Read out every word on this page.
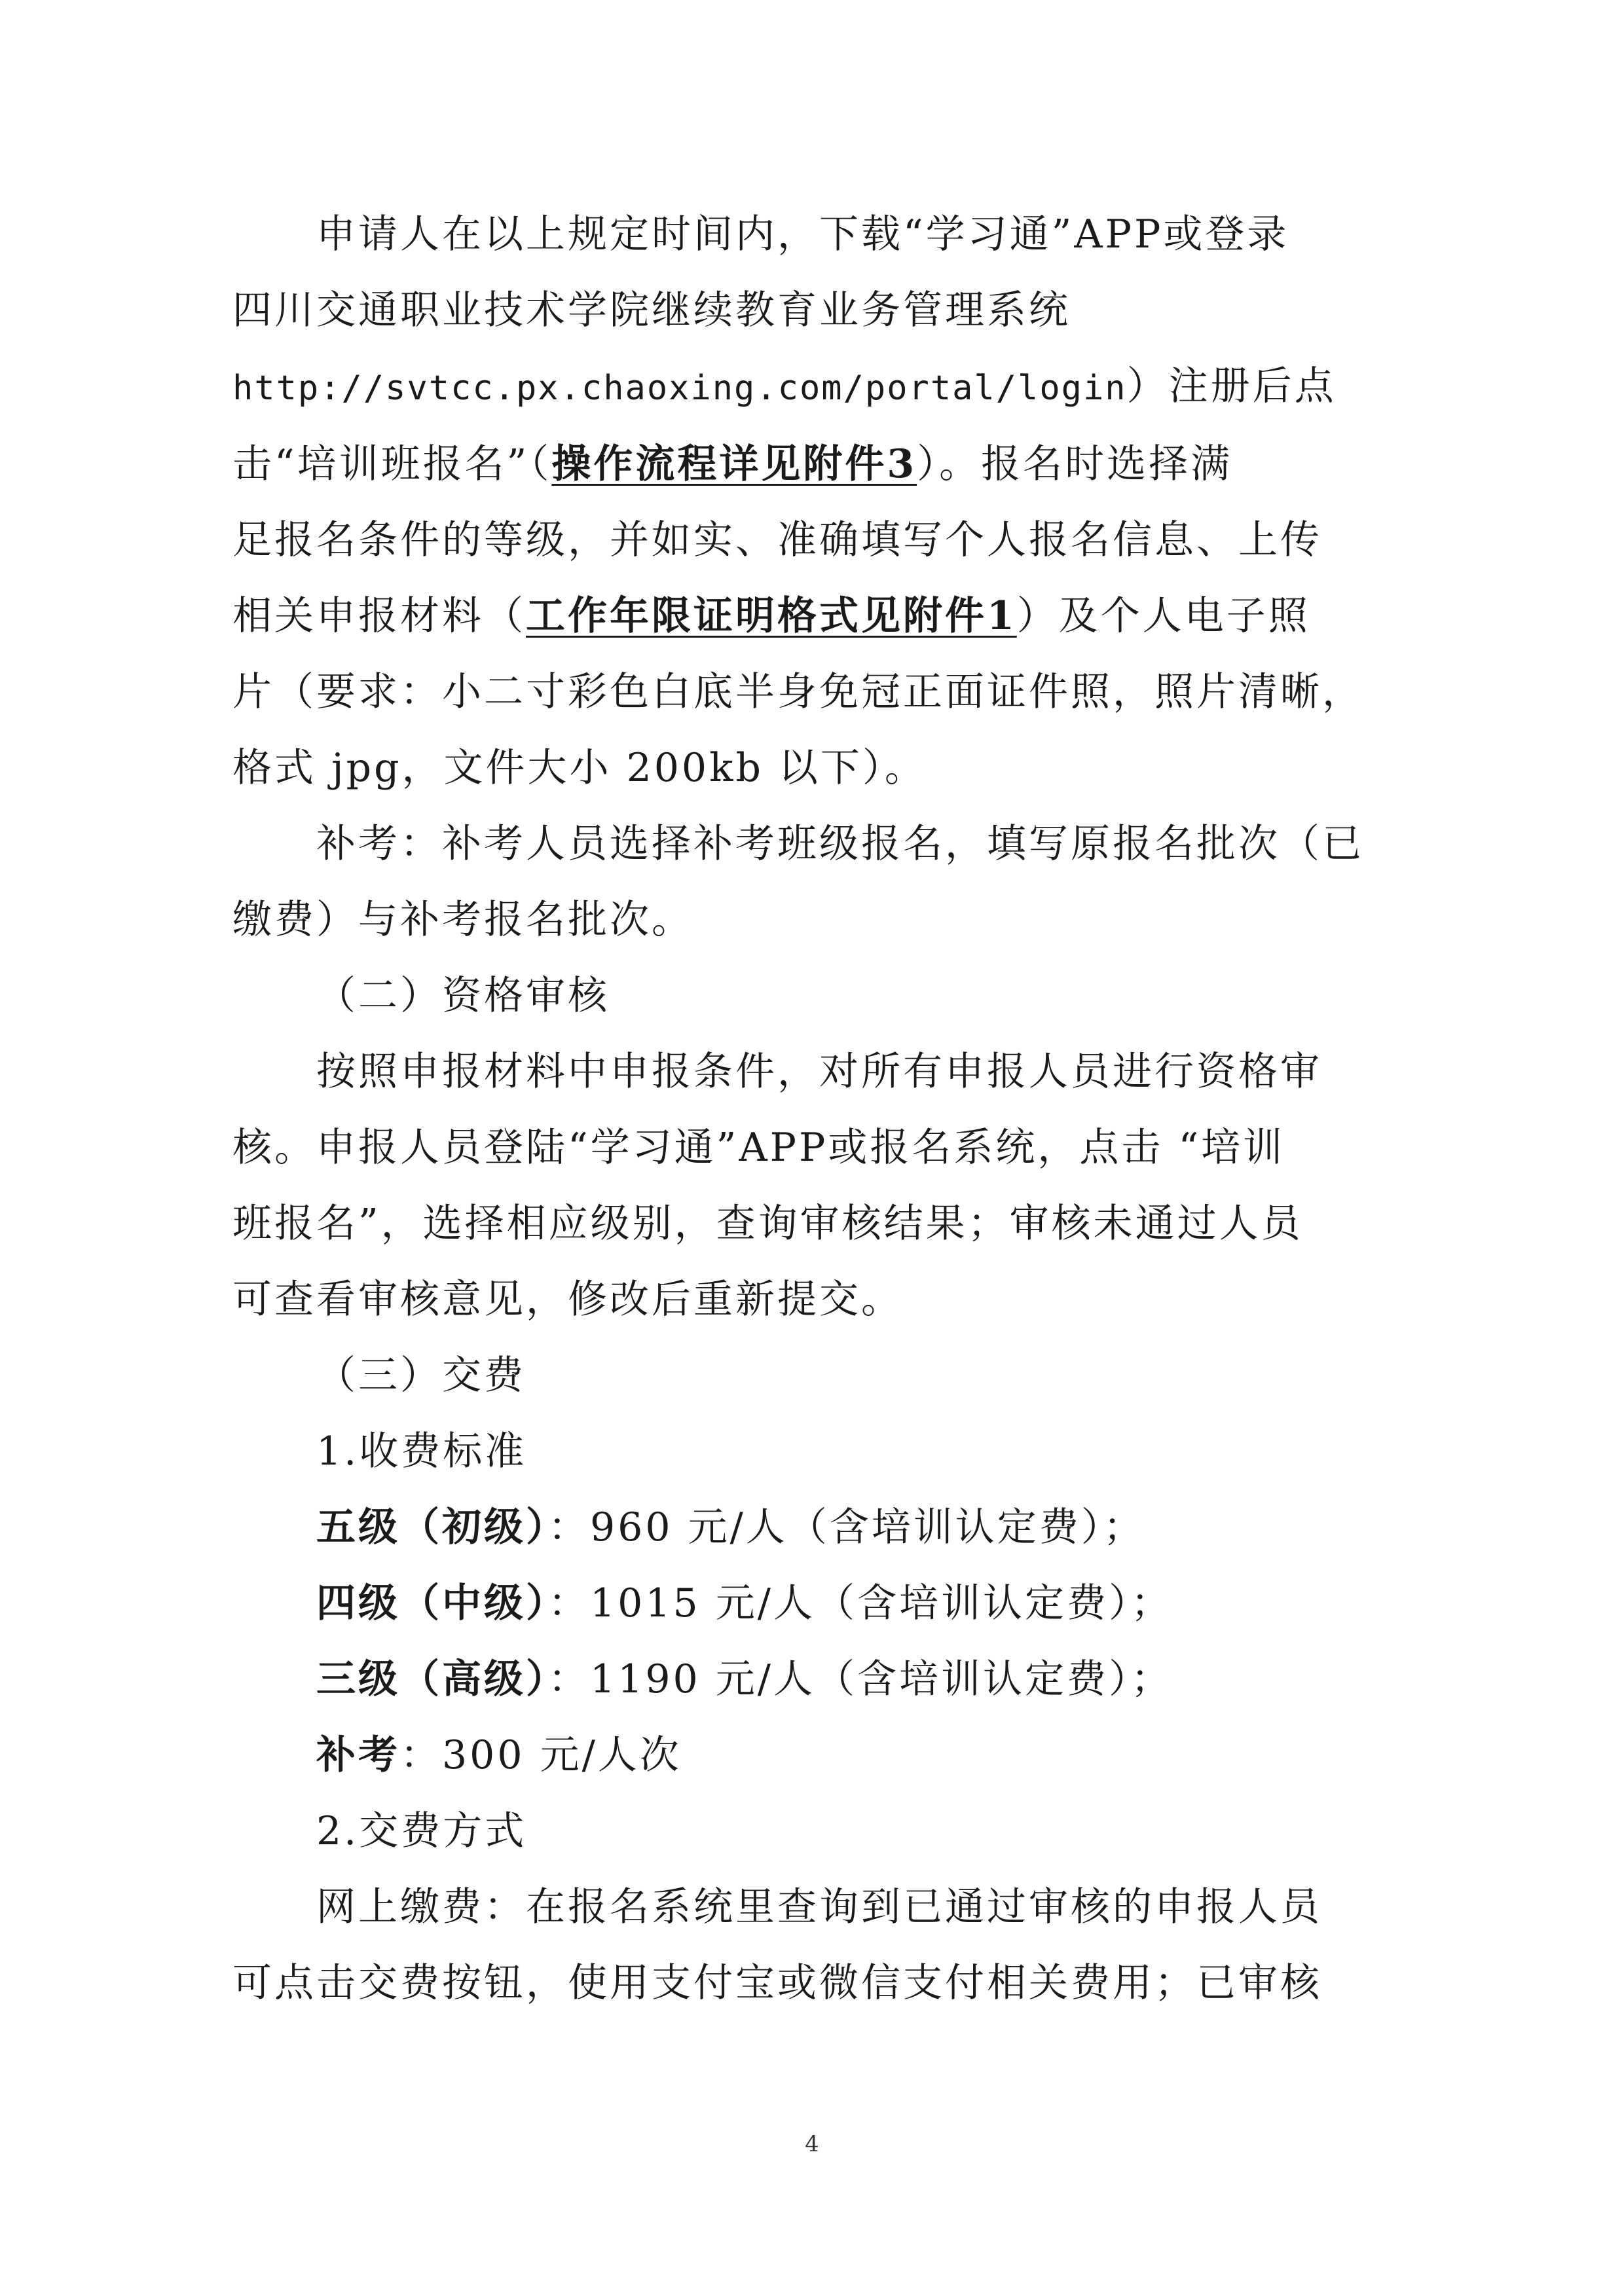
申请人在以上规定时间内，下载“学习通”APP或登录
四川交通职业技术学院继续教育业务管理系统
http://svtcc.px.chaoxing.com/portal/login）注册后点
击“培训班报名”（操作流程详见附件3）。报名时选择满
足报名条件的等级，并如实、准确填写个人报名信息、上传
相关申报材料（工作年限证明格式见附件1）及个人电子照
片（要求：小二寸彩色白底半身免冠正面证件照，照片清晰，
格式 jpg，文件大小 200kb 以下）。
补考：补考人员选择补考班级报名，填写原报名批次（已
缴费）与补考报名批次。
（二）资格审核
按照申报材料中申报条件，对所有申报人员进行资格审
核。申报人员登陆“学习通”APP或报名系统，点击 “培训
班报名”，选择相应级别，查询审核结果；审核未通过人员
可查看审核意见，修改后重新提交。
（三）交费
1.收费标准
五级（初级）：960 元/人（含培训认定费）；
四级（中级）：1015 元/人（含培训认定费）；
三级（高级）：1190 元/人（含培训认定费）；
补考：300 元/人次
2.交费方式
网上缴费：在报名系统里查询到已通过审核的申报人员
可点击交费按钮，使用支付宝或微信支付相关费用；已审核
4
